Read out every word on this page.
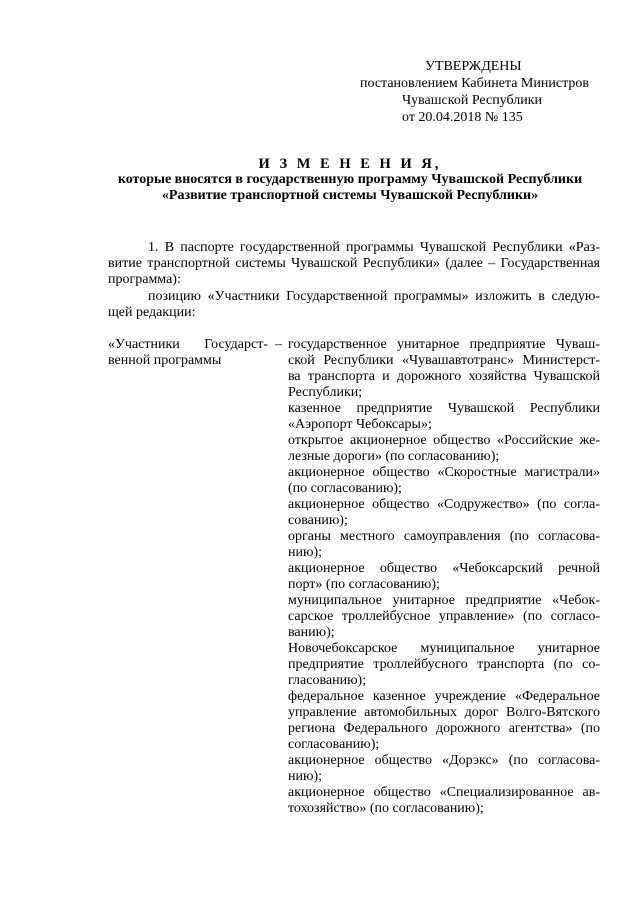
УТВЕРЖДЕНЫ
постановлением Кабинета Министров
Чувашской Республики
от 20.04.2018 № 135
И З М Е Н Е Н И Я,
которые вносятся в государственную программу Чувашской Республики
«Развитие транспортной системы Чувашской Республики»
1. В паспорте государственной программы Чувашской Республики «Раз-
витие транспортной системы Чувашской Республики» (далее – Государственная
программа):
позицию «Участники Государственной программы» изложить в следую-
щей редакции:
«Участники Государст-
венной программы
– государственное унитарное предприятие Чуваш-
ской Республики «Чувашавтотранс» Министерст-
ва транспорта и дорожного хозяйства Чувашской
Республики;
казенное предприятие Чувашской Республики
«Аэропорт Чебоксары»;
открытое акционерное общество «Российские же-
лезные дороги» (по согласованию);
акционерное общество «Скоростные магистрали»
(по согласованию);
акционерное общество «Содружество» (по согла-
сованию);
органы местного самоуправления (по согласова-
нию);
акционерное общество «Чебоксарский речной
порт» (по согласованию);
муниципальное унитарное предприятие «Чебок-
сарское троллейбусное управление» (по согласо-
ванию);
Новочебоксарское муниципальное унитарное
предприятие троллейбусного транспорта (по со-
гласованию);
федеральное казенное учреждение «Федеральное
управление автомобильных дорог Волго-Вятского
региона Федерального дорожного агентства» (по
согласованию);
акционерное общество «Дорэкс» (по согласова-
нию);
акционерное общество «Специализированное ав-
тохозяйство» (по согласованию);
